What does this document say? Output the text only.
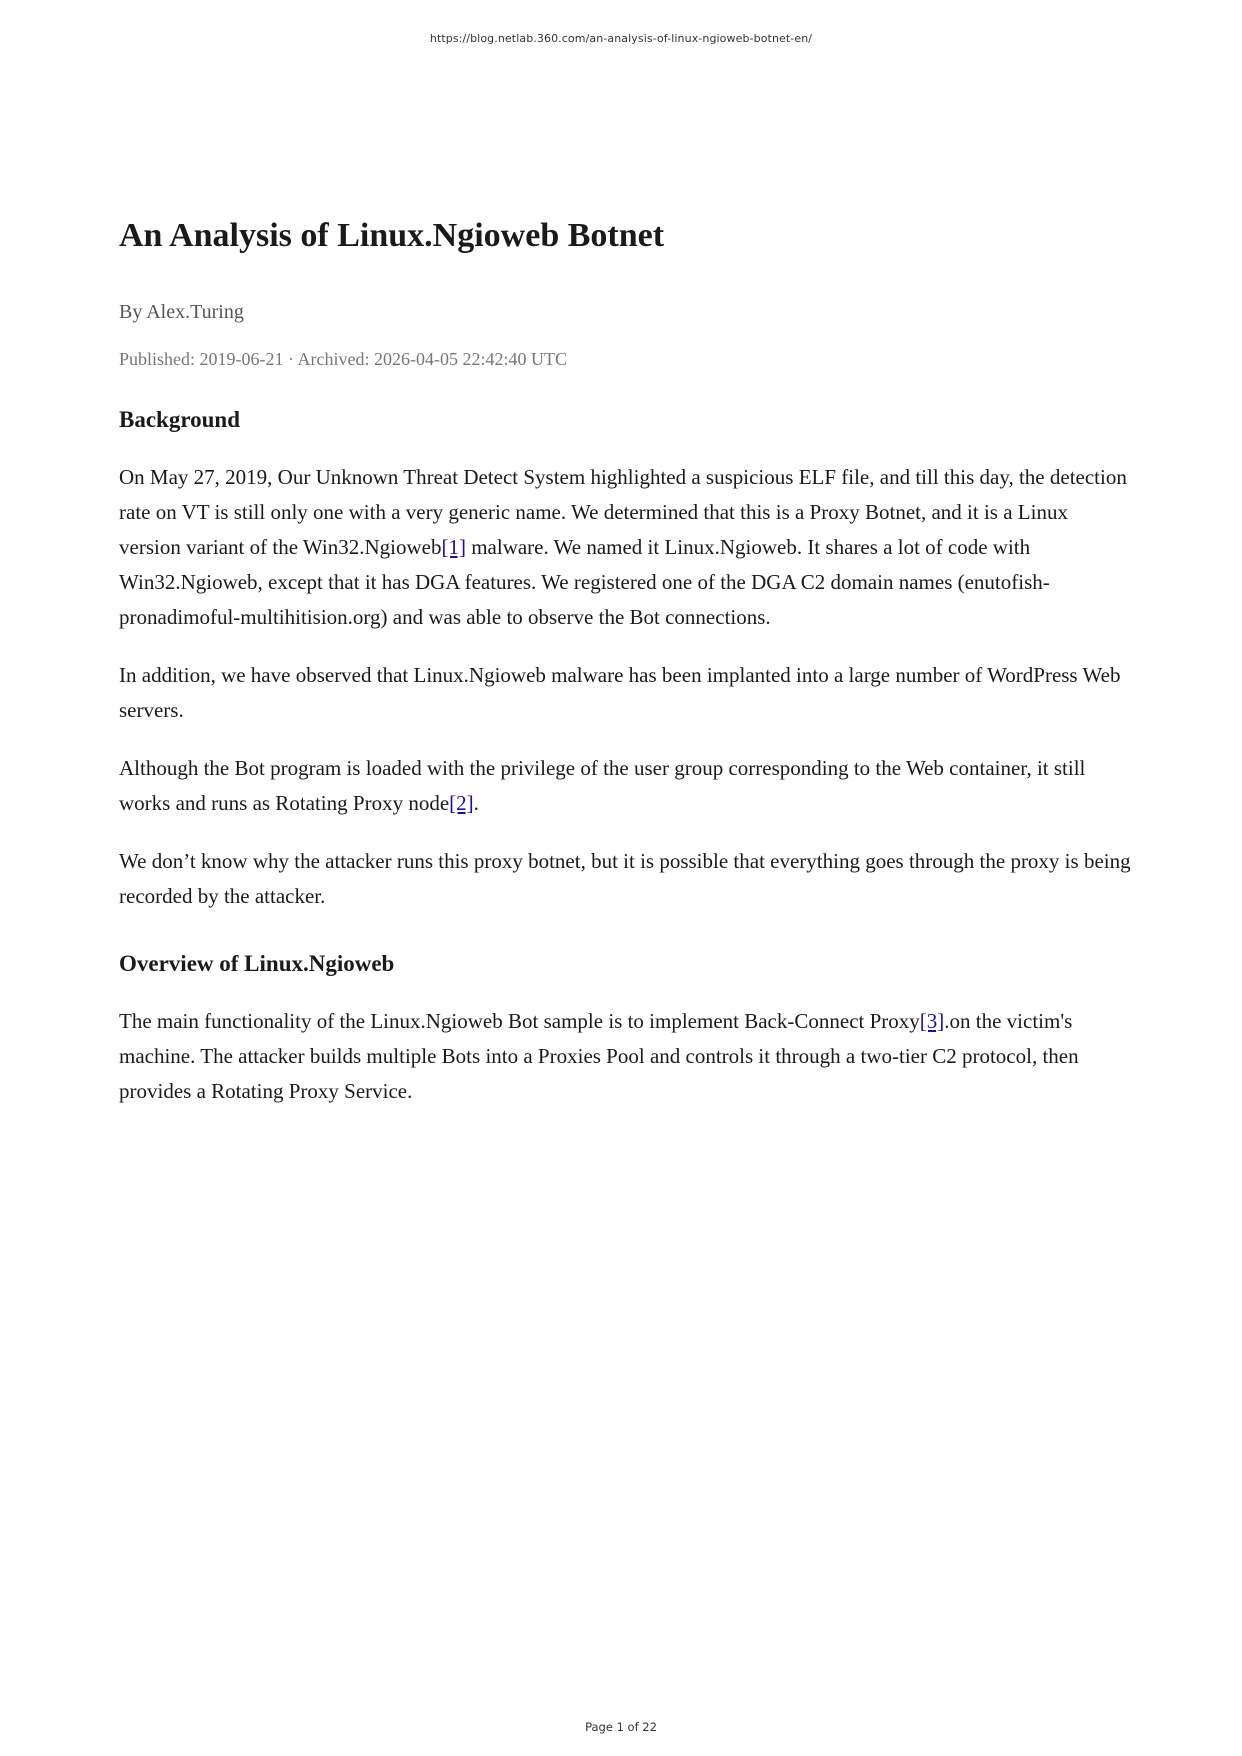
https://blog.netlab.360.com/an-analysis-of-linux-ngioweb-botnet-en/
An Analysis of Linux.Ngioweb Botnet
By Alex.Turing
Published: 2019-06-21 · Archived: 2026-04-05 22:42:40 UTC
Background

On May 27, 2019, Our Unknown Threat Detect System highlighted a suspicious ELF file, and till this day, the detection rate on VT is still only one with a very generic name. We determined that this is a Proxy Botnet, and it is a Linux version variant of the Win32.Ngioweb[1] malware. We named it Linux.Ngioweb. It shares a lot of code with Win32.Ngioweb, except that it has DGA features. We registered one of the DGA C2 domain names (enutofish-pronadimoful-multihitision.org) and was able to observe the Bot connections.

In addition, we have observed that Linux.Ngioweb malware has been implanted into a large number of WordPress Web servers.

Although the Bot program is loaded with the privilege of the user group corresponding to the Web container, it still works and runs as Rotating Proxy node[2].

We don’t know why the attacker runs this proxy botnet, but it is possible that everything goes through the proxy is being recorded by the attacker.

Overview of Linux.Ngioweb

The main functionality of the Linux.Ngioweb Bot sample is to implement Back-Connect Proxy[3].on the victim's machine. The attacker builds multiple Bots into a Proxies Pool and controls it through a two-tier C2 protocol, then provides a Rotating Proxy Service.

Page 1 of 22
